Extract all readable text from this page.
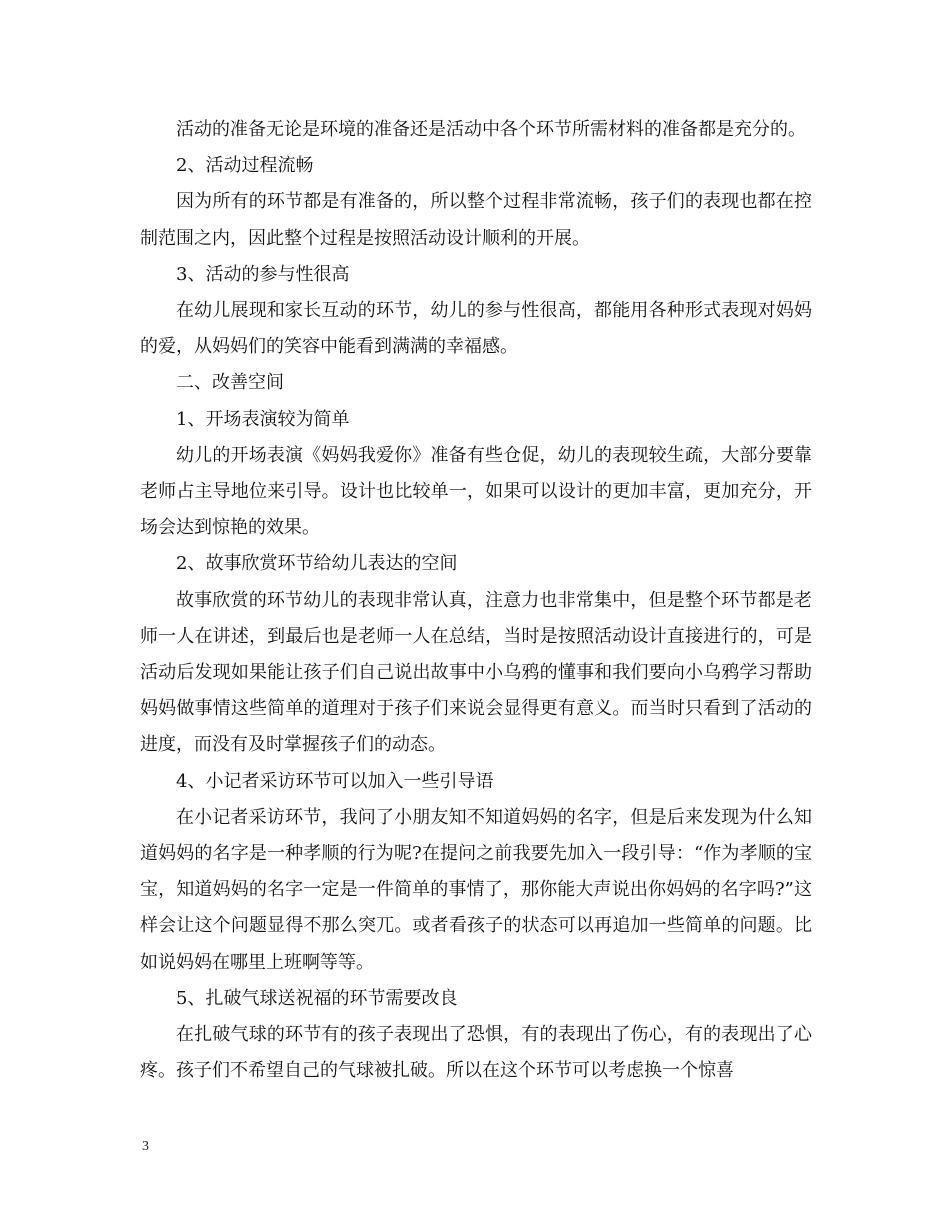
活动的准备无论是环境的准备还是活动中各个环节所需材料的准备都是充分的。

2、活动过程流畅

因为所有的环节都是有准备的，所以整个过程非常流畅，孩子们的表现也都在控制范围之内，因此整个过程是按照活动设计顺利的开展。

3、活动的参与性很高

在幼儿展现和家长互动的环节，幼儿的参与性很高，都能用各种形式表现对妈妈的爱，从妈妈们的笑容中能看到满满的幸福感。

二、改善空间

1、开场表演较为简单

幼儿的开场表演《妈妈我爱你》准备有些仓促，幼儿的表现较生疏，大部分要靠老师占主导地位来引导。设计也比较单一，如果可以设计的更加丰富，更加充分，开场会达到惊艳的效果。

2、故事欣赏环节给幼儿表达的空间

故事欣赏的环节幼儿的表现非常认真，注意力也非常集中，但是整个环节都是老师一人在讲述，到最后也是老师一人在总结，当时是按照活动设计直接进行的，可是活动后发现如果能让孩子们自己说出故事中小乌鸦的懂事和我们要向小乌鸦学习帮助妈妈做事情这些简单的道理对于孩子们来说会显得更有意义。而当时只看到了活动的进度，而没有及时掌握孩子们的动态。

4、小记者采访环节可以加入一些引导语

在小记者采访环节，我问了小朋友知不知道妈妈的名字，但是后来发现为什么知道妈妈的名字是一种孝顺的行为呢?在提问之前我要先加入一段引导：“作为孝顺的宝宝，知道妈妈的名字一定是一件简单的事情了，那你能大声说出你妈妈的名字吗?”这样会让这个问题显得不那么突兀。或者看孩子的状态可以再追加一些简单的问题。比如说妈妈在哪里上班啊等等。

5、扎破气球送祝福的环节需要改良

在扎破气球的环节有的孩子表现出了恐惧，有的表现出了伤心，有的表现出了心疼。孩子们不希望自己的气球被扎破。所以在这个环节可以考虑换一个惊喜

3
